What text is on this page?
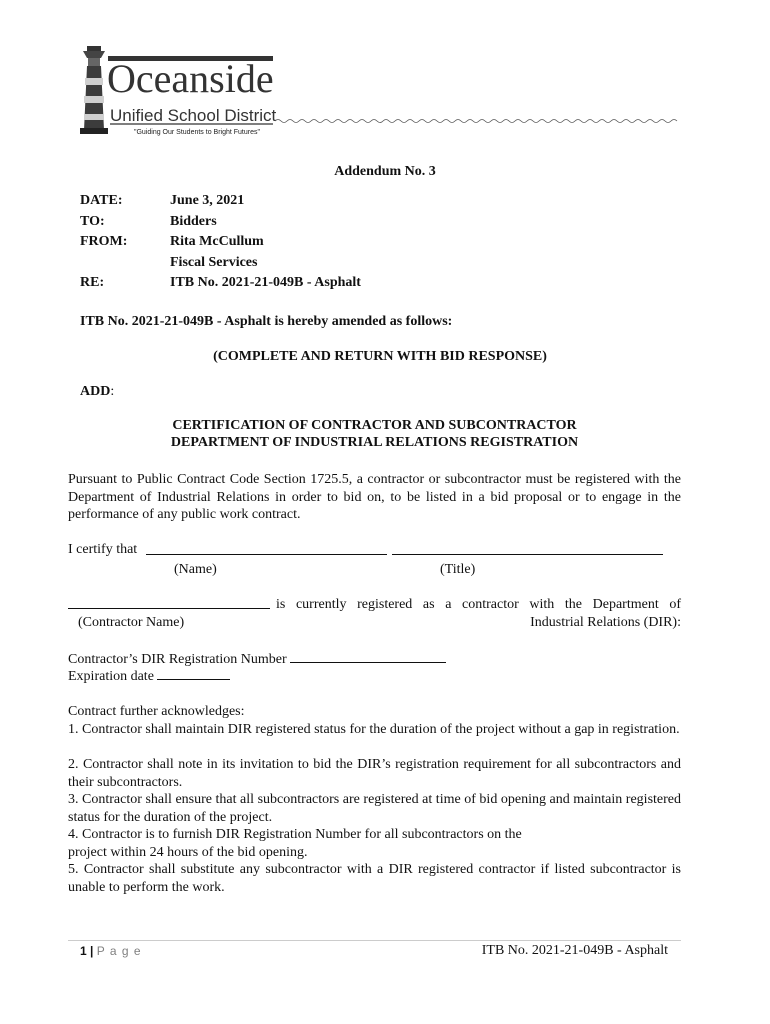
Oceanside
Unified School District
"Guiding Our Students to Bright Futures"
Addendum No. 3
DATE:	June 3, 2021
TO:	Bidders
FROM:	Rita McCullum
Fiscal Services
RE:	ITB No. 2021-21-049B - Asphalt
ITB No. 2021-21-049B - Asphalt is hereby amended as follows:
(COMPLETE AND RETURN WITH BID RESPONSE)
ADD:
CERTIFICATION OF CONTRACTOR AND SUBCONTRACTOR
DEPARTMENT OF INDUSTRIAL RELATIONS REGISTRATION
Pursuant to Public Contract Code Section 1725.5, a contractor or subcontractor must be registered with the Department of Industrial Relations in order to bid on, to be listed in a bid proposal or to engage in the performance of any public work contract.
I certify that
(Name)	(Title)
is currently registered as a contractor with the Department of
(Contractor Name)	Industrial Relations (DIR):
Contractor’s DIR Registration Number
Expiration date
Contract further acknowledges:
1. Contractor shall maintain DIR registered status for the duration of the project without a gap in registration.
2. Contractor shall note in its invitation to bid the DIR’s registration requirement for all subcontractors and their subcontractors.
3. Contractor shall ensure that all subcontractors are registered at time of bid opening and maintain registered status for the duration of the project.
4. Contractor is to furnish DIR Registration Number for all subcontractors on the
project within 24 hours of the bid opening.
5. Contractor shall substitute any subcontractor with a DIR registered contractor if listed subcontractor is unable to perform the work.
1 | P a g e	ITB No. 2021-21-049B - Asphalt
